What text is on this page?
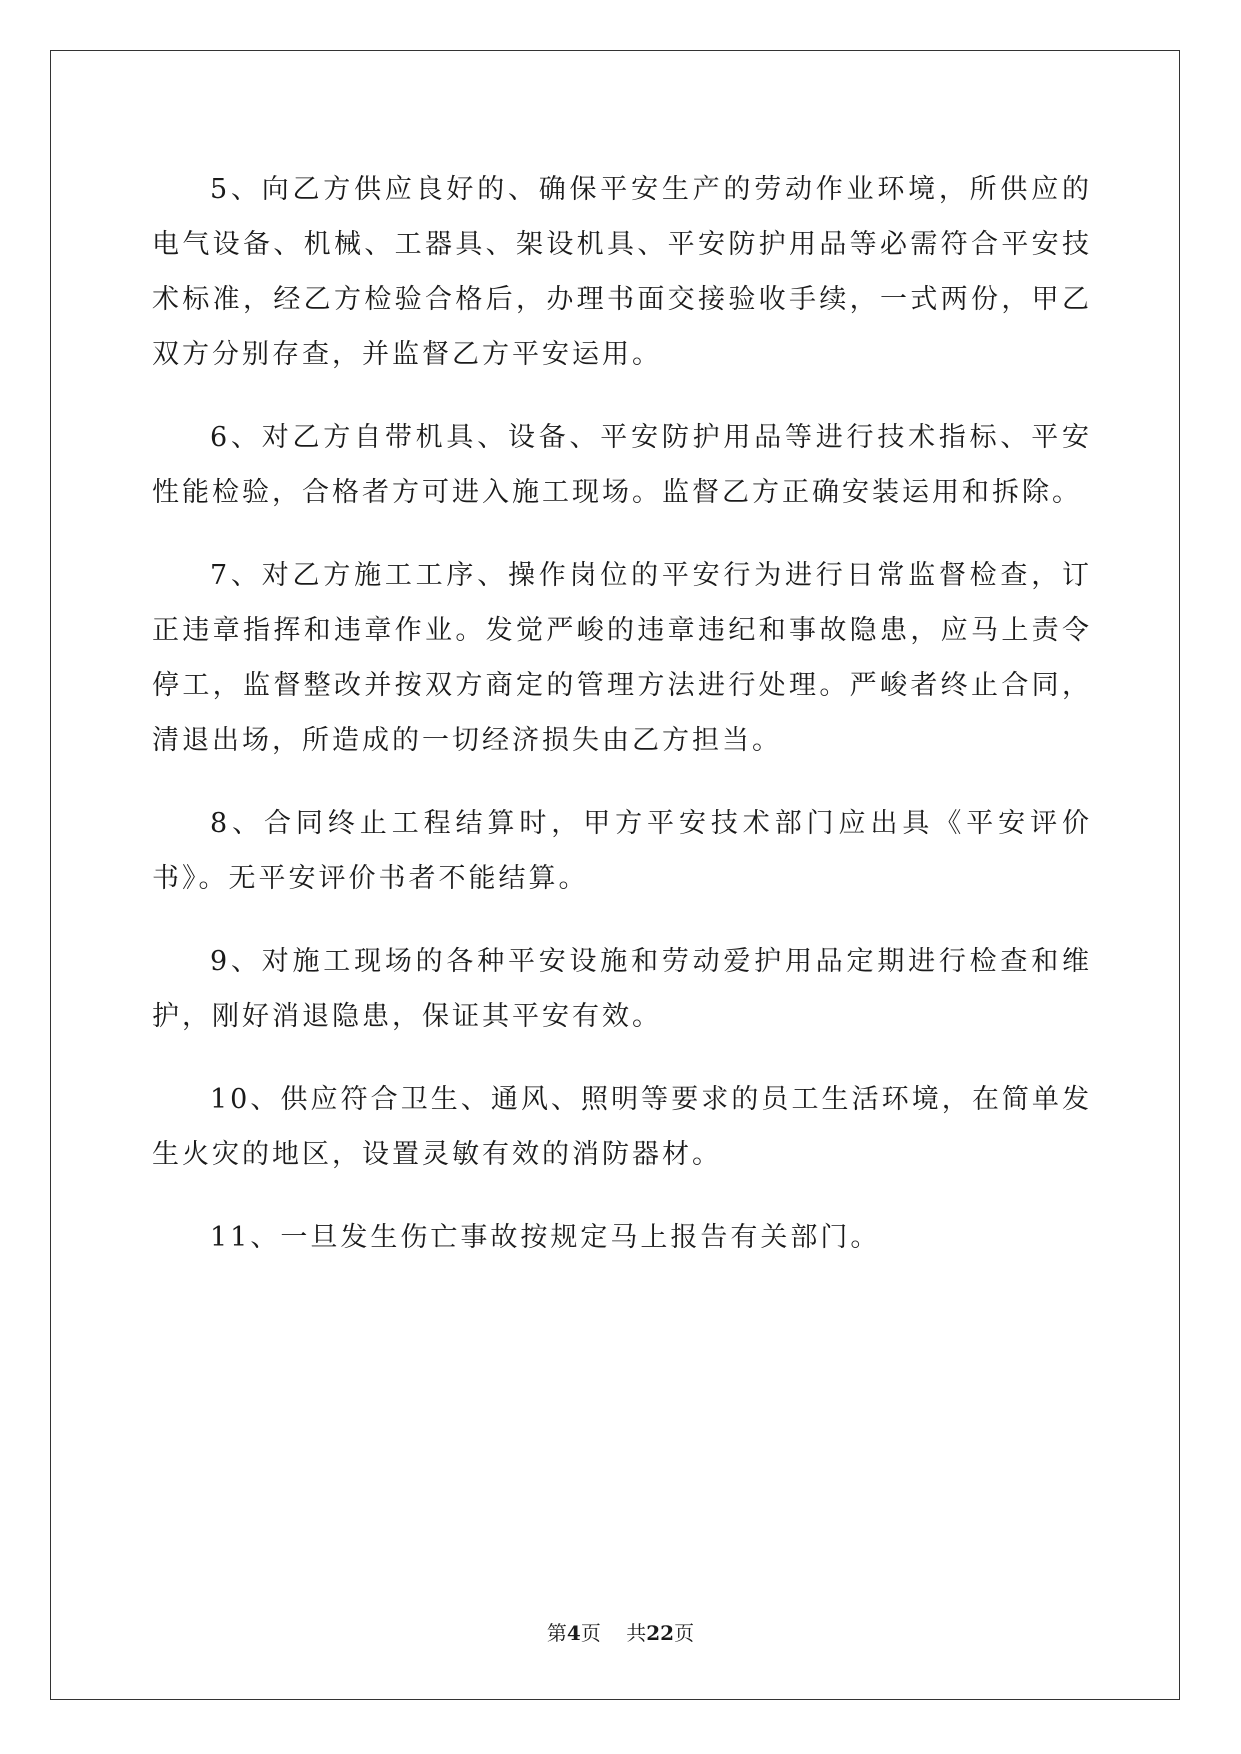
5、向乙方供应良好的、确保平安生产的劳动作业环境，所供应的电气设备、机械、工器具、架设机具、平安防护用品等必需符合平安技术标准，经乙方检验合格后，办理书面交接验收手续，一式两份，甲乙双方分别存查，并监督乙方平安运用。

6、对乙方自带机具、设备、平安防护用品等进行技术指标、平安性能检验，合格者方可进入施工现场。监督乙方正确安装运用和拆除。

7、对乙方施工工序、操作岗位的平安行为进行日常监督检查，订正违章指挥和违章作业。发觉严峻的违章违纪和事故隐患，应马上责令停工，监督整改并按双方商定的管理方法进行处理。严峻者终止合同，清退出场，所造成的一切经济损失由乙方担当。

8、合同终止工程结算时，甲方平安技术部门应出具《平安评价书》。无平安评价书者不能结算。

9、对施工现场的各种平安设施和劳动爱护用品定期进行检查和维护，刚好消退隐患，保证其平安有效。

10、供应符合卫生、通风、照明等要求的员工生活环境，在简单发生火灾的地区，设置灵敏有效的消防器材。

11、一旦发生伤亡事故按规定马上报告有关部门。

第4页 共22页
